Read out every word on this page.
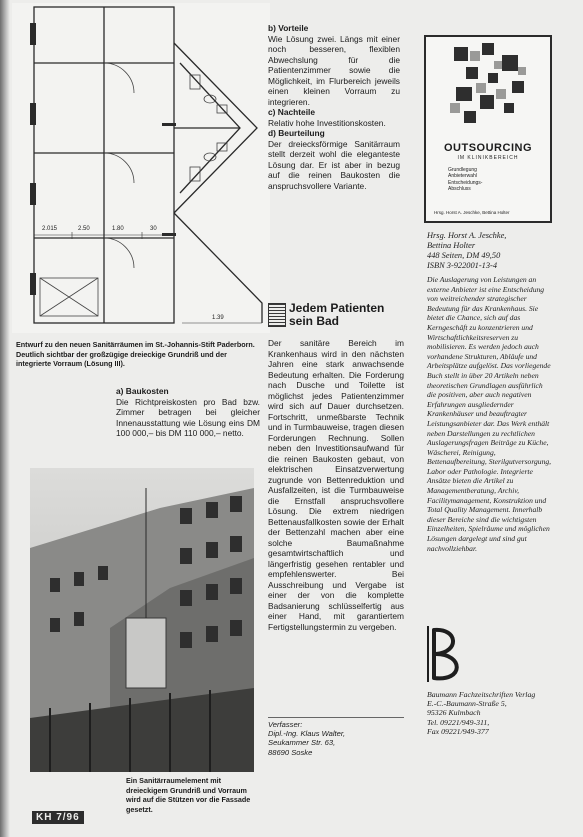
2.015	2.50	1.80	30
1.39

b) Vorteile

Wie Lösung zwei. Längs mit einer noch besseren, flexiblen Abwechslung für die Patientenzimmer sowie die Möglichkeit, im Flurbereich jeweils einen kleinen Vorraum zu integrieren.

c) Nachteile

Relativ hohe Investitionskosten.

d) Beurteilung

Der dreiecksförmige Sanitärraum stellt derzeit wohl die eleganteste Lösung dar. Er ist aber in bezug auf die reinen Baukosten die anspruchsvollere Variante.

Entwurf zu den neuen Sanitärräumen im St.-Johannis-Stift Paderborn. Deutlich sichtbar der großzügige dreieckige Grundriß und der integrierte Vorraum (Lösung III).

a) Baukosten

Die Richtpreiskosten pro Bad bzw. Zimmer betragen bei gleicher Innenausstattung wie Lösung eins DM 100 000,– bis DM 110 000,– netto.

Ein Sanitärraumelement mit dreieckigem Grundriß und Vorraum wird auf die Stützen vor die Fassade gesetzt.
KH 7/96
Jedem Patienten
sein Bad
Der sanitäre Bereich im Krankenhaus wird in den nächsten Jahren eine stark anwachsende Bedeutung erhalten. Die Forderung nach Dusche und Toilette ist möglichst jedes Patientenzimmer wird sich auf Dauer durchsetzen. Fortschritt, unmeßbarste Technik und in Turmbauweise, tragen diesen Forderungen Rechnung. Sollen neben den Investitionsaufwand für die reinen Baukosten gebaut, von elektrischen Einsatzverwertung zugrunde von Bettenreduktion und Ausfallzeiten, ist die Turmbauweise die Ernstfall anspruchsvollere Lösung. Die extrem niedrigen Bettenausfallkosten sowie der Erhalt der Bettenzahl machen aber eine solche Baumaßnahme gesamtwirtschaftlich und längerfristig gesehen rentabler und empfehlenswerter. Bei Ausschreibung und Vergabe ist einer der von die komplette Badsanierung schlüsselfertig aus einer Hand, mit garantiertem Fertigstellungstermin zu vergeben.
Verfasser:
Dipl.-Ing. Klaus Walter,
Seukammer Str. 63,
88690 Soske
OUTSOURCING
IM KLINIKBEREICH
Grundlegung
Anbieterwahl
Entscheidungs-
Abschluss
Hrsg. Horst A. Jeschke, Bettina Holter
Hrsg. Horst A. Jeschke,
Bettina Holter
448 Seiten, DM 49,50
ISBN 3-922001-13-4
Die Auslagerung von Leistungen an externe Anbieter ist eine Entscheidung von weitreichender strategischer Bedeutung für das Krankenhaus. Sie bietet die Chance, sich auf das Kerngeschäft zu konzentrieren und Wirtschaftlichkeitsreserven zu mobilisieren. Es werden jedoch auch vorhandene Strukturen, Abläufe und Arbeitsplätze aufgelöst. Das vorliegende Buch stellt in über 20 Artikeln neben theoretischen Grundlagen ausführlich die positiven, aber auch negativen Erfahrungen ausgliedernder Krankenhäuser und beauftragter Leistungsanbieter dar. Das Werk enthält neben Darstellungen zu rechtlichen Auslagerungsfragen Beiträge zu Küche, Wäscherei, Reinigung, Bettenaufbereitung, Sterilgutversorgung, Labor oder Pathologie. Integrierte Ansätze bieten die Artikel zu Managementberatung, Archiv, Facilitymanagement, Konstruktion und Total Quality Management. Innerhalb dieser Bereiche sind die wichtigsten Einzelheiten, Spielräume und möglichen Lösungen dargelegt und sind gut nachvollziehbar.
Baumann Fachzeitschriften Verlag
E.-C.-Baumann-Straße 5,
95326 Kulmbach
Tel. 09221/949-311,
Fax 09221/949-377
